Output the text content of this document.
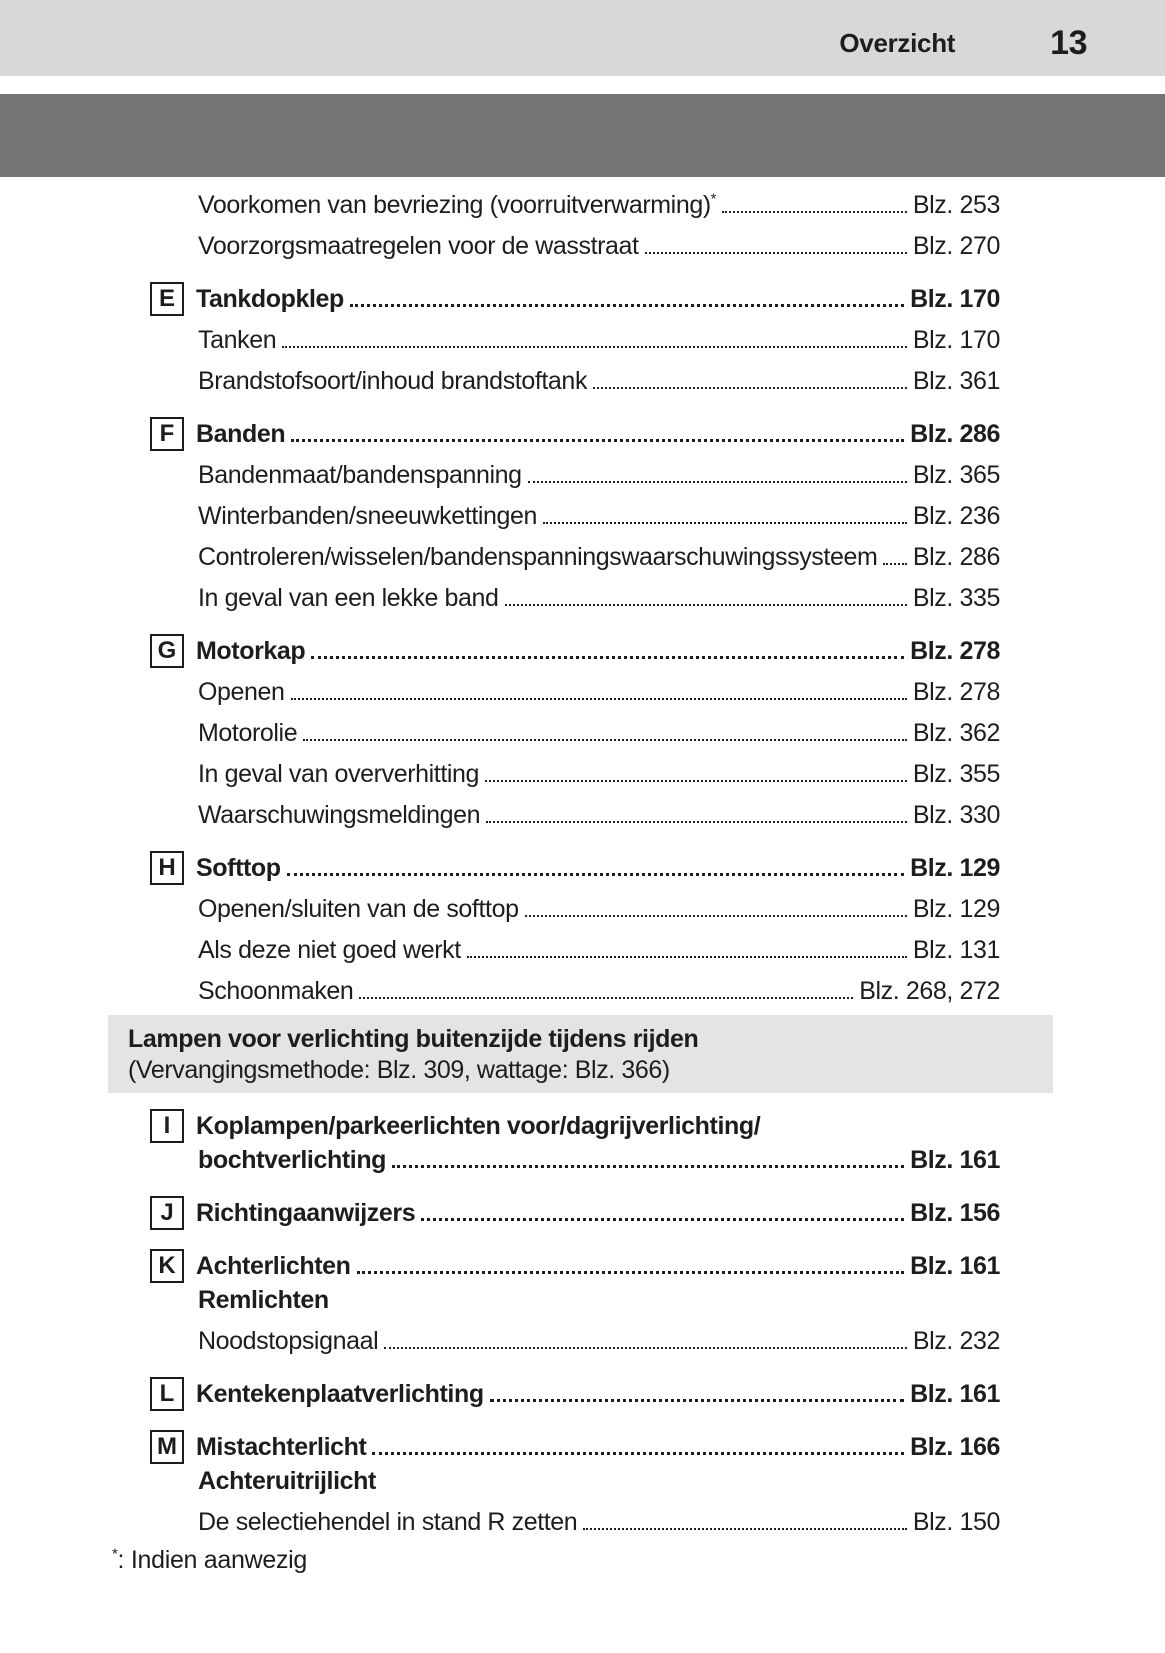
Overzicht	13
Voorkomen van bevriezing (voorruitverwarming)*	Blz. 253
Voorzorgsmaatregelen voor de wasstraat	Blz. 270
E Tankdopklep	Blz. 170
Tanken	Blz. 170
Brandstofsoort/inhoud brandstoftank	Blz. 361
F Banden	Blz. 286
Bandenmaat/bandenspanning	Blz. 365
Winterbanden/sneeuwkettingen	Blz. 236
Controleren/wisselen/bandenspanningswaarschuwingssysteem Blz. 286
In geval van een lekke band	Blz. 335
G Motorkap	Blz. 278
Openen	Blz. 278
Motorolie	Blz. 362
In geval van oververhitting	Blz. 355
Waarschuwingsmeldingen	Blz. 330
H Softtop	Blz. 129
Openen/sluiten van de softtop	Blz. 129
Als deze niet goed werkt	Blz. 131
Schoonmaken	Blz. 268, 272
Lampen voor verlichting buitenzijde tijdens rijden
(Vervangingsmethode: Blz. 309, wattage: Blz. 366)
I	Koplampen/parkeerlichten voor/dagrijverlichting/
bochtverlichting	Blz. 161
J Richtingaanwijzers	Blz. 156
K Achterlichten	Blz. 161
Remlichten
Noodstopsignaal	Blz. 232
L Kentekenplaatverlichting	Blz. 161
M Mistachterlicht	Blz. 166
Achteruitrijlicht
De selectiehendel in stand R zetten	Blz. 150
*: Indien aanwezig
